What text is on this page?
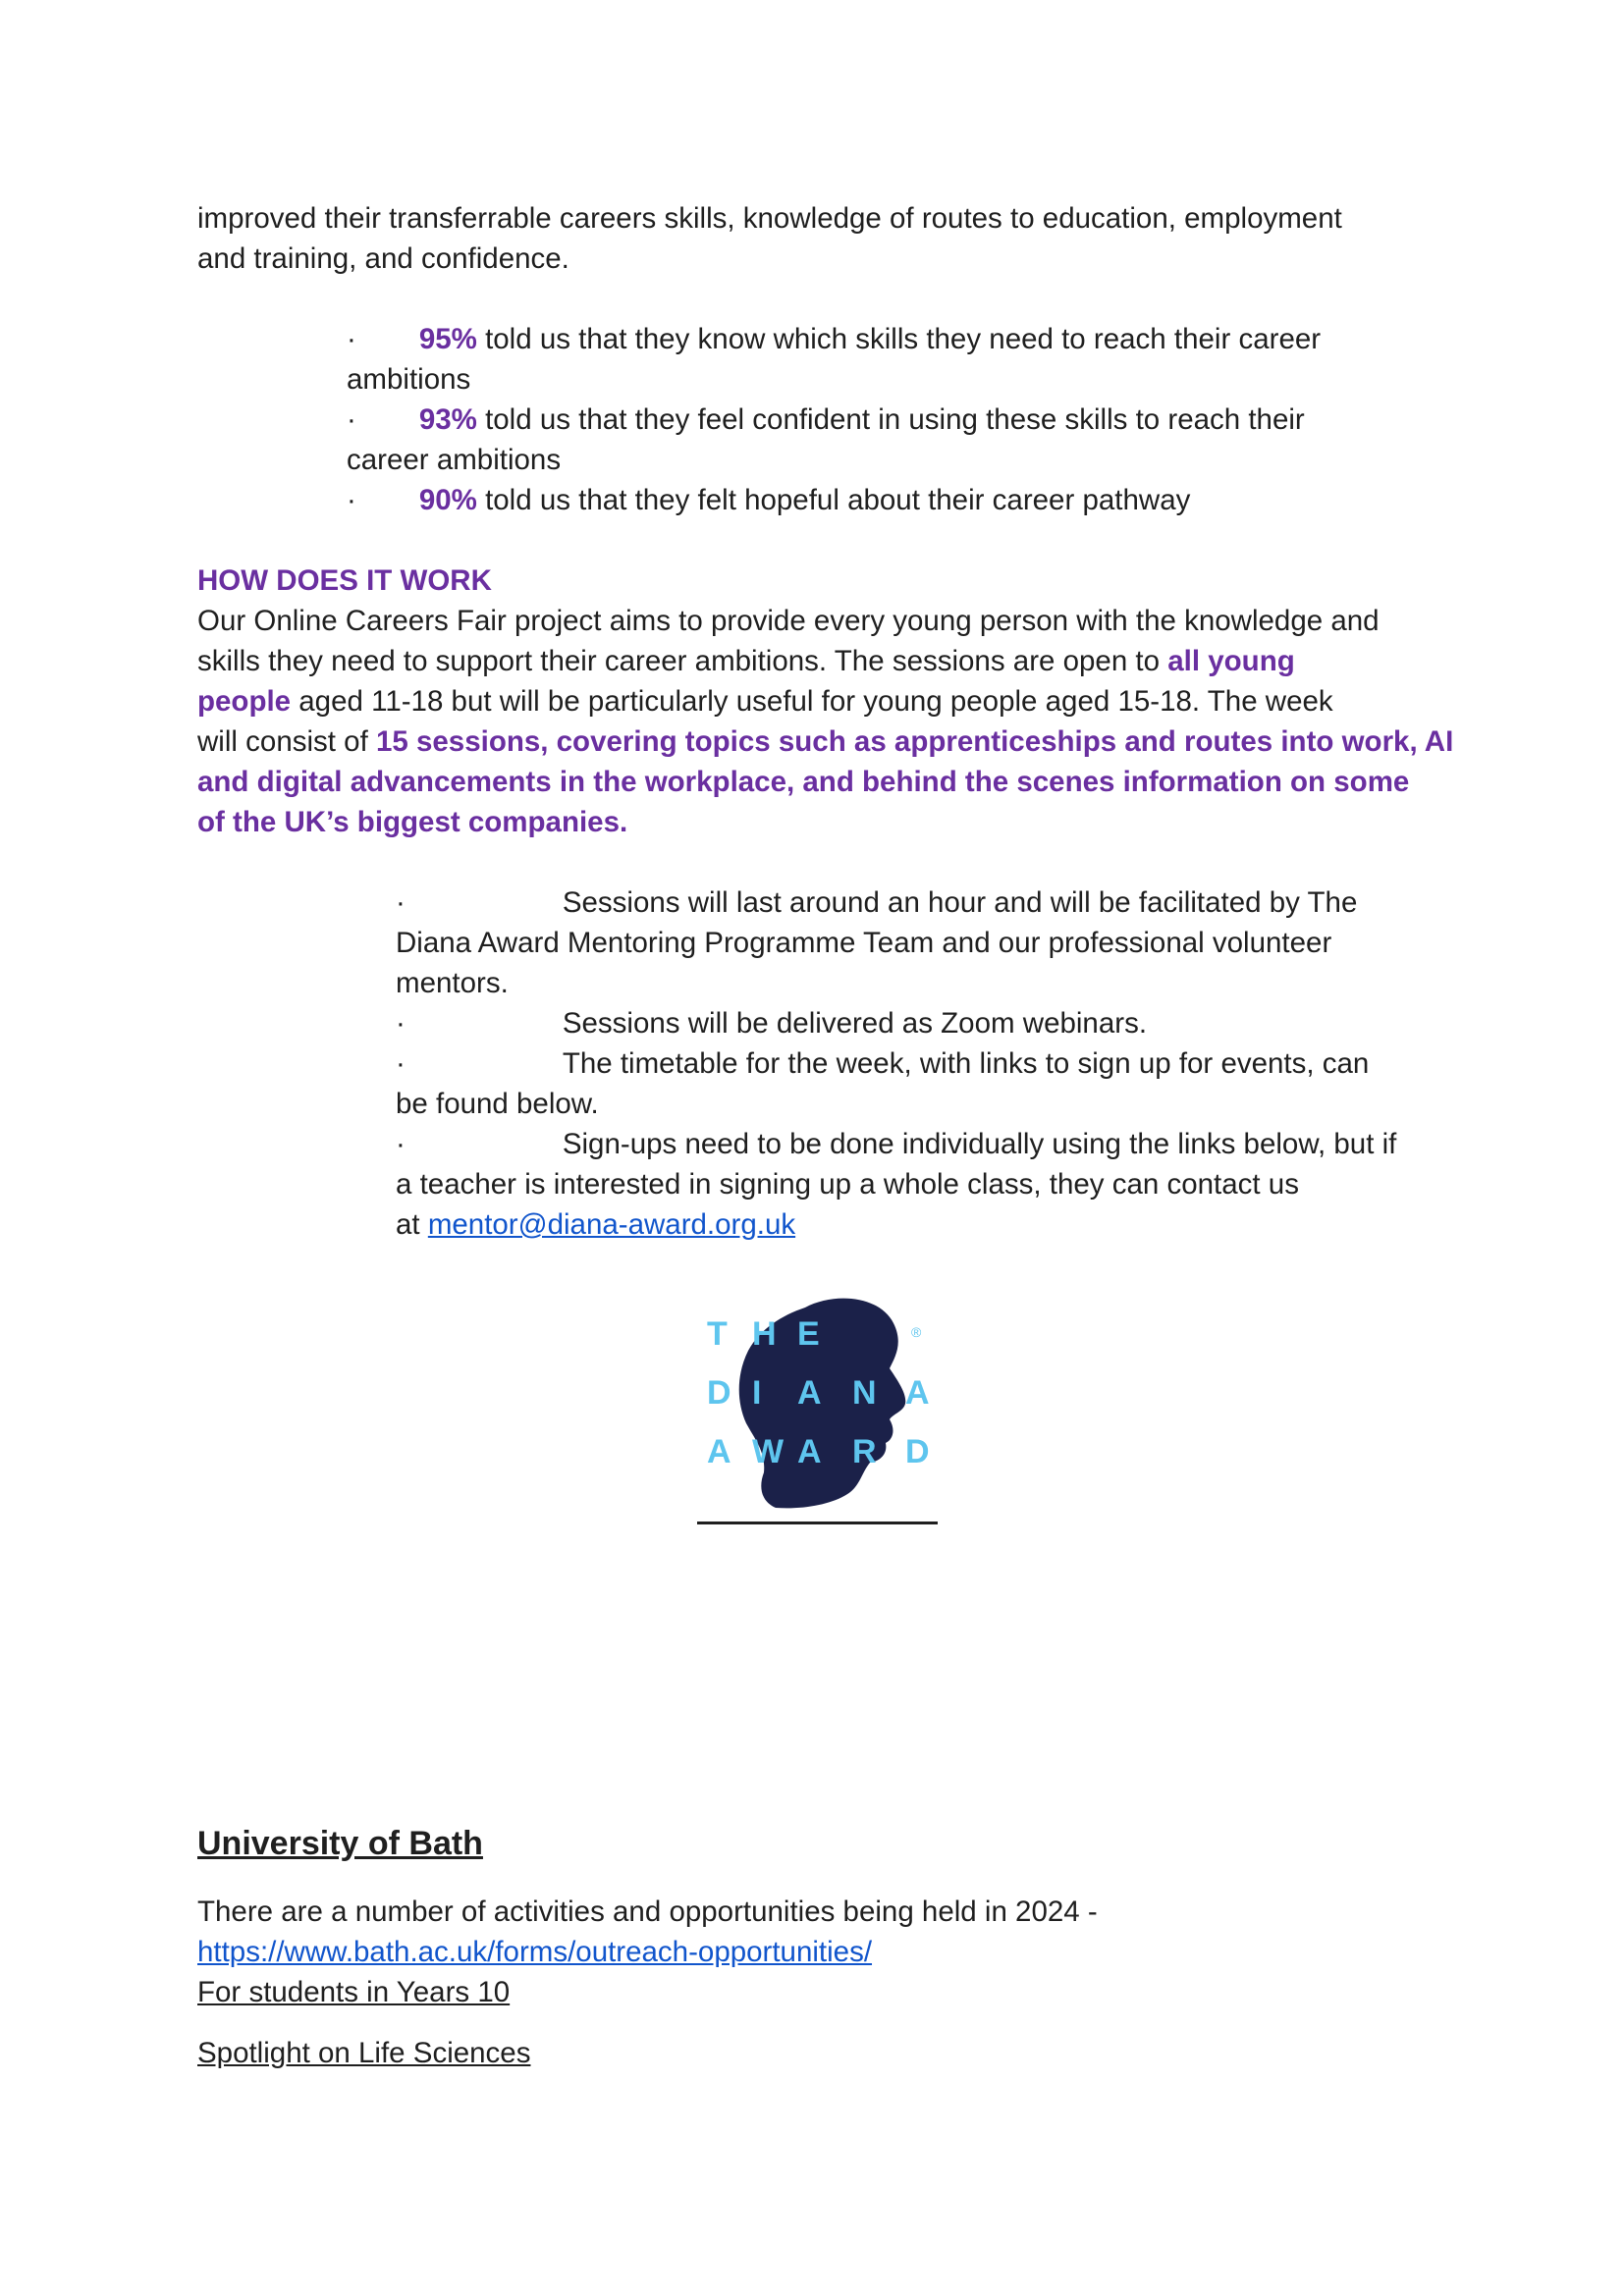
improved their transferrable careers skills, knowledge of routes to education, employment

and training, and confidence.

· 95% told us that they know which skills they need to reach their career
ambitions
· 93% told us that they feel confident in using these skills to reach their
career ambitions
· 90% told us that they felt hopeful about their career pathway

HOW DOES IT WORK

Our Online Careers Fair project aims to provide every young person with the knowledge and

skills they need to support their career ambitions. The sessions are open to all young

people aged 11-18 but will be particularly useful for young people aged 15-18. The week

will consist of 15 sessions, covering topics such as apprenticeships and routes into work, AI

and digital advancements in the workplace, and behind the scenes information on some

of the UK’s biggest companies.

·	Sessions will last around an hour and will be facilitated by The

Diana Award Mentoring Programme Team and our professional volunteer

mentors.

·	Sessions will be delivered as Zoom webinars.
·	The timetable for the week, with links to sign up for events, can

be found below.

·	Sign-ups need to be done individually using the links below, but if

a teacher is interested in signing up a whole class, they can contact us

at mentor@diana-award.org.uk

T H E
D I A N A
A W A R D
®

University of Bath

There are a number of activities and opportunities being held in 2024 -

https://www.bath.ac.uk/forms/outreach-opportunities/

For students in Years 10

Spotlight on Life Sciences
